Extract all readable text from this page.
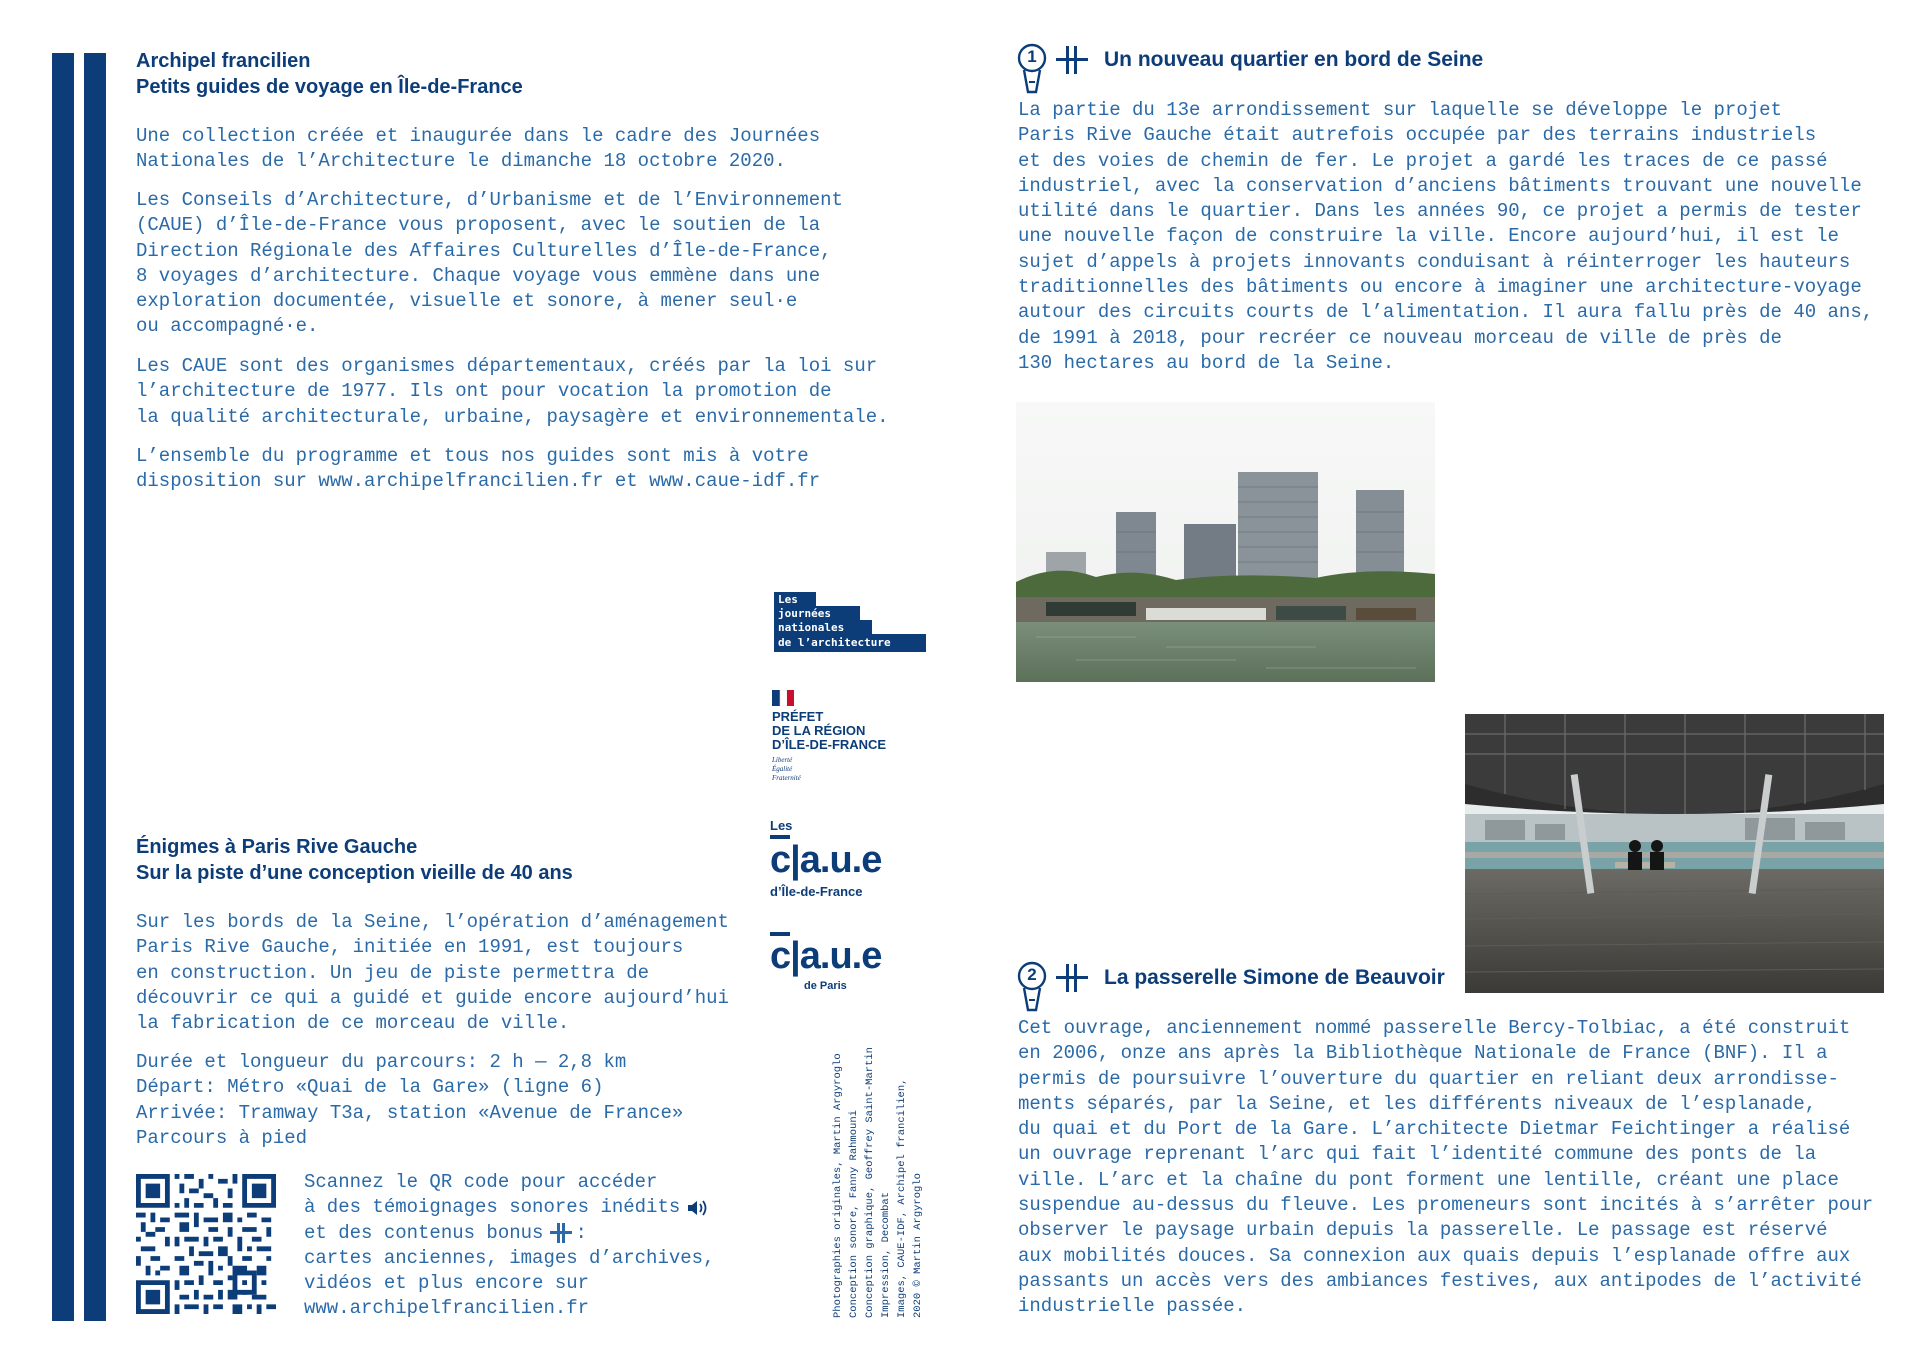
Archipel francilien
Petits guides de voyage en Île-de-France

Une collection créée et inaugurée dans le cadre des Journées
Nationales de l’Architecture le dimanche 18 octobre 2020.

Les Conseils d’Architecture, d’Urbanisme et de l’Environnement
(CAUE) d’Île-de-France vous proposent, avec le soutien de la
Direction Régionale des Affaires Culturelles d’Île-de-France,
8 voyages d’architecture. Chaque voyage vous emmène dans une
exploration documentée, visuelle et sonore, à mener seul·e
ou accompagné·e.

Les CAUE sont des organismes départementaux, créés par la loi sur
l’architecture de 1977. Ils ont pour vocation la promotion de
la qualité architecturale, urbaine, paysagère et environnementale.

L’ensemble du programme et tous nos guides sont mis à votre
disposition sur www.archipelfrancilien.fr et www.caue-idf.fr

Énigmes à Paris Rive Gauche
Sur la piste d’une conception vieille de 40 ans

Sur les bords de la Seine, l’opération d’aménagement
Paris Rive Gauche, initiée en 1991, est toujours
en construction. Un jeu de piste permettra de
découvrir ce qui a guidé et guide encore aujourd’hui
la fabrication de ce morceau de ville.

Durée et longueur du parcours: 2 h — 2,8 km
Départ: Métro «Quai de la Gare» (ligne 6)
Arrivée: Tramway T3a, station «Avenue de France»
Parcours à pied

Scannez le QR code pour accéder
à des témoignages sonores inédits
et des contenus bonus :
cartes anciennes, images d’archives,
vidéos et plus encore sur
www.archipelfrancilien.fr
Les
journées
nationales
de l’architecture
PRÉFET
DE LA RÉGION
D’ÎLE-DE-FRANCE
Liberté
Égalité
Fraternité
Les
c|a.u.e
d’Île-de-France
c|a.u.e
de Paris
Photographies originales, Martin Argyroglo
Conception sonore, Fanny Rahmouni
Conception graphique, Geoffrey Saint-Martin
Impression, Decombat
Images, CAUE-IDF, Archipel francilien,
2020 © Martin Argyroglo
1	Un nouveau quartier en bord de Seine

La partie du 13e arrondissement sur laquelle se développe le projet
Paris Rive Gauche était autrefois occupée par des terrains industriels
et des voies de chemin de fer. Le projet a gardé les traces de ce passé
industriel, avec la conservation d’anciens bâtiments trouvant une nouvelle
utilité dans le quartier. Dans les années 90, ce projet a permis de tester
une nouvelle façon de construire la ville. Encore aujourd’hui, il est le
sujet d’appels à projets innovants conduisant à réinterroger les hauteurs
traditionnelles des bâtiments ou encore à imaginer une architecture-voyage
autour des circuits courts de l’alimentation. Il aura fallu près de 40 ans,
de 1991 à 2018, pour recréer ce nouveau morceau de ville de près de
130 hectares au bord de la Seine.

2	La passerelle Simone de Beauvoir

Cet ouvrage, anciennement nommé passerelle Bercy-Tolbiac, a été construit
en 2006, onze ans après la Bibliothèque Nationale de France (BNF). Il a
permis de poursuivre l’ouverture du quartier en reliant deux arrondisse-
ments séparés, par la Seine, et les différents niveaux de l’esplanade,
du quai et du Port de la Gare. L’architecte Dietmar Feichtinger a réalisé
un ouvrage reprenant l’arc qui fait l’identité commune des ponts de la
ville. L’arc et la chaîne du pont forment une lentille, créant une place
suspendue au-dessus du fleuve. Les promeneurs sont incités à s’arrêter pour
observer le paysage urbain depuis la passerelle. Le passage est réservé
aux mobilités douces. Sa connexion aux quais depuis l’esplanade offre aux
passants un accès vers des ambiances festives, aux antipodes de l’activité
industrielle passée.
